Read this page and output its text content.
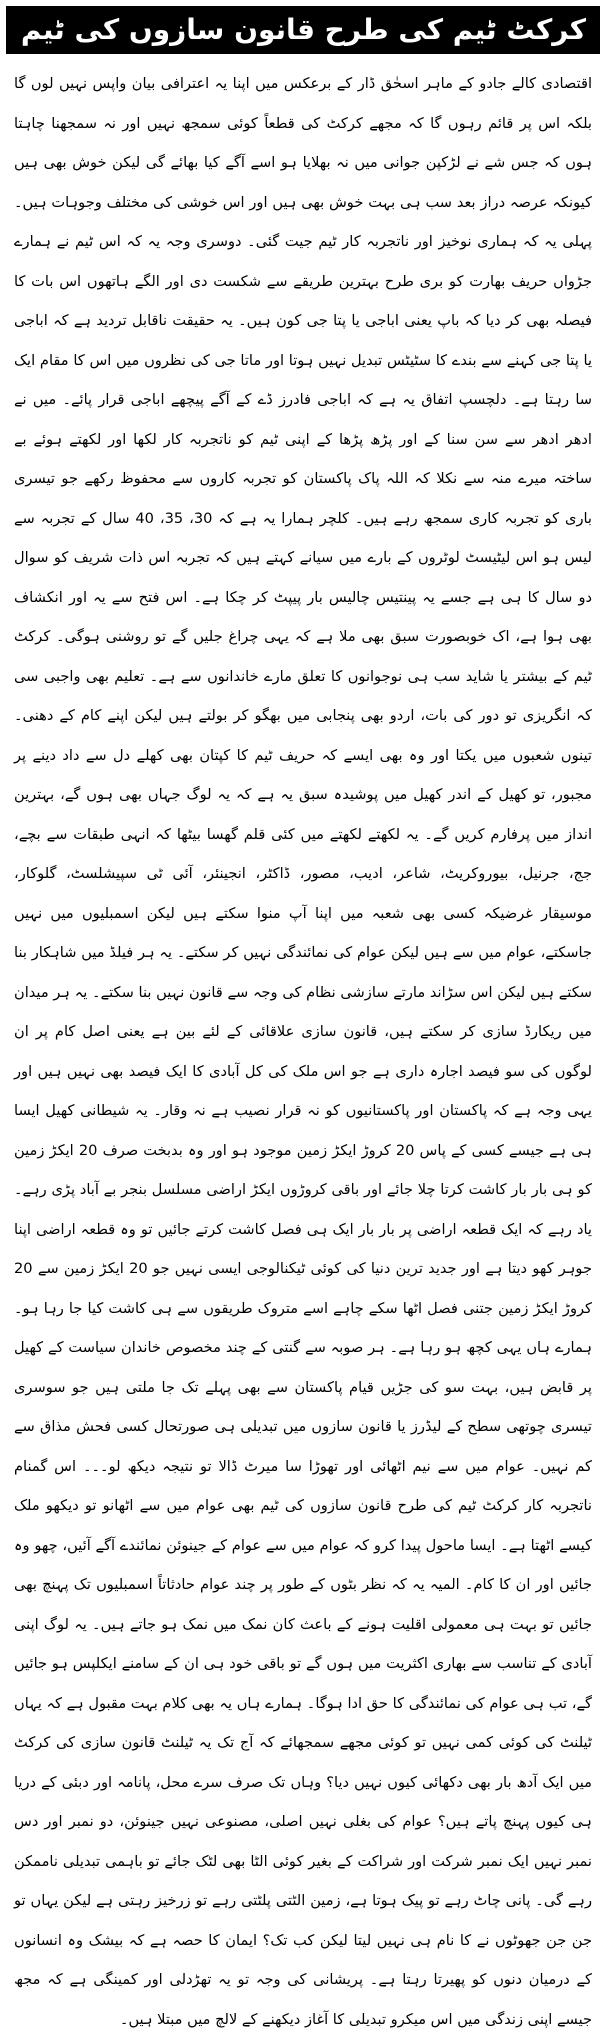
کرکٹ ٹیم کی طرح قانون سازوں کی ٹیم

اقتصادی کالے جادو کے ماہر اسحٰق ڈار کے برعکس میں اپنا یہ اعترافی بیان واپس نہیں لوں گا بلکہ اس پر قائم رہوں گا کہ مجھے کرکٹ کی قطعاً کوئی سمجھ نہیں اور نہ سمجھنا چاہتا ہوں کہ جس شے نے لڑکپن جوانی میں نہ بھلایا ہو اسے آگے کیا بھائے گی لیکن خوش بھی ہیں کیونکہ عرصہ دراز بعد سب ہی بہت خوش بھی ہیں اور اس خوشی کی مختلف وجوہات ہیں۔ پہلی یہ کہ ہماری نوخیز اور ناتجربہ کار ٹیم جیت گئی۔ دوسری وجہ یہ کہ اس ٹیم نے ہمارے جڑواں حریف بھارت کو بری طرح بہترین طریقے سے شکست دی اور الگے ہاتھوں اس بات کا فیصلہ بھی کر دیا کہ باپ یعنی اباجی یا پتا جی کون ہیں۔ یہ حقیقت ناقابل تردید ہے کہ اباجی یا پتا جی کہنے سے بندے کا سٹیٹس تبدیل نہیں ہوتا اور ماتا جی کی نظروں میں اس کا مقام ایک سا رہتا ہے۔ دلچسپ اتفاق یہ ہے کہ اباجی فادرز ڈے کے آگے پیچھے اباجی قرار پائے۔ میں نے ادھر ادھر سے سن سنا کے اور پڑھ پڑھا کے اپنی ٹیم کو ناتجربہ کار لکھا اور لکھتے ہوئے بے ساختہ میرے منہ سے نکلا کہ اللہ پاک پاکستان کو تجربہ کاروں سے محفوظ رکھے جو تیسری باری کو تجربہ کاری سمجھ رہے ہیں۔ کلچر ہمارا یہ ہے کہ 30، 35، 40 سال کے تجربہ سے لیس ہو اس لیٹیسٹ لوٹروں کے بارے میں سیانے کہتے ہیں کہ تجربہ اس ذات شریف کو سوال دو سال کا ہی ہے جسے یہ پینتیس چالیس بار پیپٹ کر چکا ہے۔ اس فتح سے یہ اور انکشاف بھی ہوا ہے، اک خوبصورت سبق بھی ملا ہے کہ یہی چراغ جلیں گے تو روشنی ہوگی۔ کرکٹ ٹیم کے بیشتر یا شاید سب ہی نوجوانوں کا تعلق مارے خاندانوں سے ہے۔ تعلیم بھی واجبی سی کہ انگریزی تو دور کی بات، اردو بھی پنجابی میں بھگو کر بولتے ہیں لیکن اپنے کام کے دھنی۔ تینوں شعبوں میں یکتا اور وہ بھی ایسے کہ حریف ٹیم کا کپتان بھی کھلے دل سے داد دینے پر مجبور، تو کھیل کے اندر کھیل میں پوشیدہ سبق یہ ہے کہ یہ لوگ جہاں بھی ہوں گے، بہترین انداز میں پرفارم کریں گے۔ یہ لکھتے لکھتے میں کئی قلم گھسا بیٹھا کہ انہی طبقات سے بچے، جج، جرنیل، بیوروکریٹ، شاعر، ادیب، مصور، ڈاکٹر، انجینئر، آئی ٹی سپیشلسٹ، گلوکار، موسیقار غرضیکہ کسی بھی شعبہ میں اپنا آپ منوا سکتے ہیں لیکن اسمبلیوں میں نہیں جاسکتے، عوام میں سے ہیں لیکن عوام کی نمائندگی نہیں کر سکتے۔ یہ ہر فیلڈ میں شاہکار بنا سکتے ہیں لیکن اس سڑاند مارتے سازشی نظام کی وجہ سے قانون نہیں بنا سکتے۔ یہ ہر میدان میں ریکارڈ سازی کر سکتے ہیں، قانون سازی علاقائی کے لئے بین ہے یعنی اصل کام پر ان لوگوں کی سو فیصد اجارہ داری ہے جو اس ملک کی کل آبادی کا ایک فیصد بھی نہیں ہیں اور یہی وجہ ہے کہ پاکستان اور پاکستانیوں کو نہ قرار نصیب ہے نہ وقار۔ یہ شیطانی کھیل ایسا ہی ہے جیسے کسی کے پاس 20 کروڑ ایکڑ زمین موجود ہو اور وہ بدبخت صرف 20 ایکڑ زمین کو ہی بار بار کاشت کرتا چلا جائے اور باقی کروڑوں ایکڑ اراضی مسلسل بنجر بے آباد پڑی رہے۔ یاد رہے کہ ایک قطعہ اراضی پر بار بار ایک ہی فصل کاشت کرتے جائیں تو وہ قطعہ اراضی اپنا جوہر کھو دیتا ہے اور جدید ترین دنیا کی کوئی ٹیکنالوجی ایسی نہیں جو 20 ایکڑ زمین سے 20 کروڑ ایکڑ زمین جتنی فصل اٹھا سکے چاہے اسے متروک طریقوں سے ہی کاشت کیا جا رہا ہو۔ ہمارے ہاں یہی کچھ ہو رہا ہے۔ ہر صوبہ سے گنتی کے چند مخصوص خاندان سیاست کے کھیل پر قابض ہیں، بہت سو کی جڑیں قیام پاکستان سے بھی پہلے تک جا ملتی ہیں جو سوسری تیسری چوتھی سطح کے لیڈرز یا قانون سازوں میں تبدیلی ہی صورتحال کسی فحش مذاق سے کم نہیں۔ عوام میں سے نیم اٹھائی اور تھوڑا سا میرٹ ڈالا تو نتیجہ دیکھ لو۔۔۔ اس گمنام ناتجربہ کار کرکٹ ٹیم کی طرح قانون سازوں کی ٹیم بھی عوام میں سے اٹھانو تو دیکھو ملک کیسے اٹھتا ہے۔ ایسا ماحول پیدا کرو کہ عوام میں سے عوام کے جینوئن نمائندے آگے آئیں، چھو وہ جائیں اور ان کا کام۔ المیہ یہ کہ نظر بٹوں کے طور پر چند عوام حادثاتاً اسمبلیوں تک پہنچ بھی جائیں تو بہت ہی معمولی اقلیت ہونے کے باعث کان نمک میں نمک ہو جاتے ہیں۔ یہ لوگ اپنی آبادی کے تناسب سے بھاری اکثریت میں ہوں گے تو باقی خود ہی ان کے سامنے ایکلپس ہو جائیں گے، تب ہی عوام کی نمائندگی کا حق ادا ہوگا۔ ہمارے ہاں یہ بھی کلام بہت مقبول ہے کہ یہاں ٹیلنٹ کی کوئی کمی نہیں تو کوئی مجھے سمجھائے کہ آج تک یہ ٹیلنٹ قانون سازی کی کرکٹ میں ایک آدھ بار بھی دکھائی کیوں نہیں دیا؟ وہاں تک صرف سرے محل، پانامہ اور دبئی کے دریا ہی کیوں پہنچ پاتے ہیں؟ عوام کی بغلی نہیں اصلی، مصنوعی نہیں جینوئن، دو نمبر اور دس نمبر نہیں ایک نمبر شرکت اور شراکت کے بغیر کوئی الٹا بھی لٹک جائے تو باہمی تبدیلی ناممکن رہے گی۔ پانی چاٹ رہے تو پیک ہوتا ہے، زمین الٹتی پلٹتی رہے تو زرخیز رہتی ہے لیکن یہاں تو جن جن جھوٹوں نے کا نام ہی نہیں لیتا لیکن کب تک؟ ایمان کا حصہ ہے کہ بیشک وہ انسانوں کے درمیان دنوں کو پھیرتا رہتا ہے۔ پریشانی کی وجہ تو یہ تھڑدلی اور کمینگی ہے کہ مجھ جیسے اپنی زندگی میں اس میکرو تبدیلی کا آغاز دیکھنے کے لالچ میں مبتلا ہیں۔
